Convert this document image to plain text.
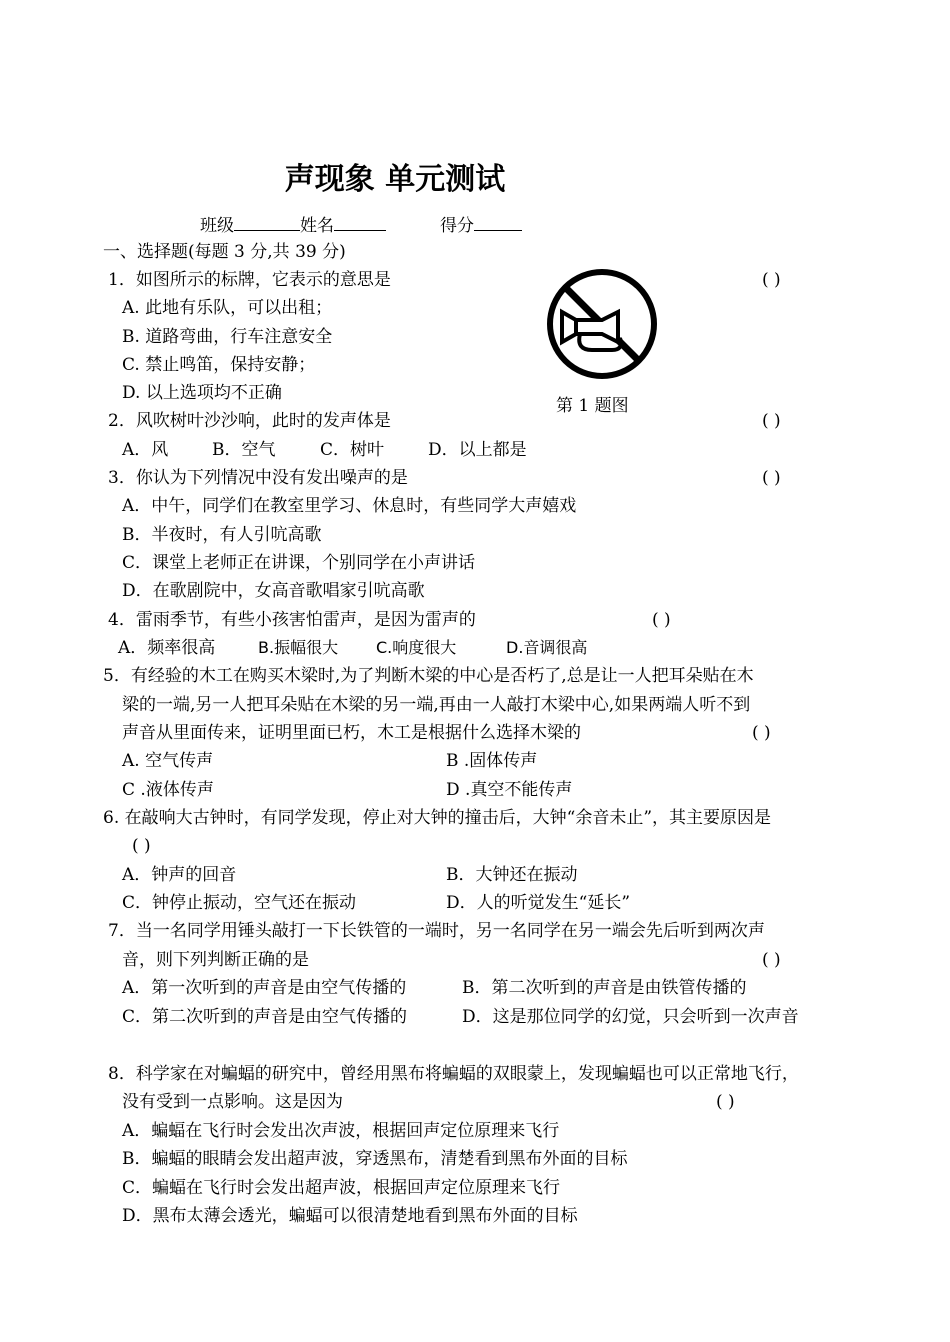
声现象 单元测试
班级	姓名	得分
一、选择题(每题 3 分,共 39 分)
1．如图所示的标牌，它表示的意思是	( )
A. 此地有乐队，可以出租；
B. 道路弯曲，行车注意安全
C. 禁止鸣笛，保持安静；
D. 以上选项均不正确
第 1 题图
2．风吹树叶沙沙响，此时的发声体是	( )
A．风	B．空气	C．树叶	D．以上都是
3．你认为下列情况中没有发出噪声的是	( )
A．中午，同学们在教室里学习、休息时，有些同学大声嬉戏
B．半夜时，有人引吭高歌
C．课堂上老师正在讲课，个别同学在小声讲话
D．在歌剧院中，女高音歌唱家引吭高歌
4．雷雨季节，有些小孩害怕雷声，是因为雷声的	( )
A．频率很高	B.振幅很大 C.响度很大	D.音调很高
5．有经验的木工在购买木梁时,为了判断木梁的中心是否朽了,总是让一人把耳朵贴在木
梁的一端,另一人把耳朵贴在木梁的另一端,再由一人敲打木梁中心,如果两端人听不到
声音从里面传来，证明里面已朽，木工是根据什么选择木梁的	( )
A. 空气传声	B .固体传声
C .液体传声	D .真空不能传声
6. 在敲响大古钟时，有同学发现，停止对大钟的撞击后，大钟“余音未止”，其主要原因是
( )
A．钟声的回音	B．大钟还在振动
C．钟停止振动，空气还在振动	D．人的听觉发生“延长”
7．当一名同学用锤头敲打一下长铁管的一端时，另一名同学在另一端会先后听到两次声
音，则下列判断正确的是	( )
A．第一次听到的声音是由空气传播的	B．第二次听到的声音是由铁管传播的
C．第二次听到的声音是由空气传播的	D．这是那位同学的幻觉，只会听到一次声音
8．科学家在对蝙蝠的研究中，曾经用黑布将蝙蝠的双眼蒙上，发现蝙蝠也可以正常地飞行，
没有受到一点影响。这是因为	( )
A．蝙蝠在飞行时会发出次声波，根据回声定位原理来飞行
B．蝙蝠的眼睛会发出超声波，穿透黑布，清楚看到黑布外面的目标
C．蝙蝠在飞行时会发出超声波，根据回声定位原理来飞行
D．黑布太薄会透光，蝙蝠可以很清楚地看到黑布外面的目标
